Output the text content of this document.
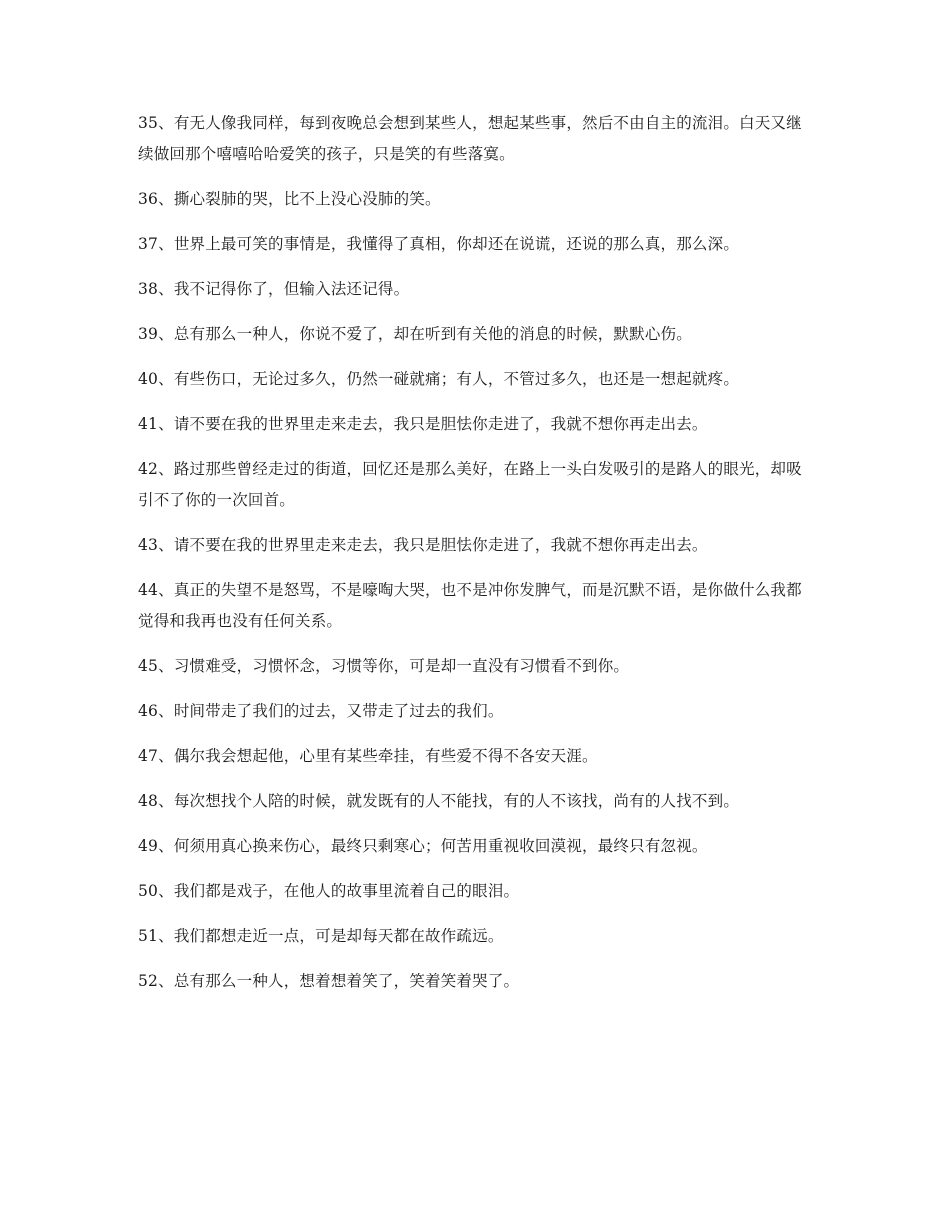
35、有无人像我同样，每到夜晚总会想到某些人，想起某些事，然后不由自主的流泪。白天又继续做回那个嘻嘻哈哈爱笑的孩子，只是笑的有些落寞。

36、撕心裂肺的哭，比不上没心没肺的笑。

37、世界上最可笑的事情是，我懂得了真相，你却还在说谎，还说的那么真，那么深。

38、我不记得你了，但输入法还记得。

39、总有那么一种人，你说不爱了，却在听到有关他的消息的时候，默默心伤。

40、有些伤口，无论过多久，仍然一碰就痛；有人，不管过多久，也还是一想起就疼。

41、请不要在我的世界里走来走去，我只是胆怯你走进了，我就不想你再走出去。

42、路过那些曾经走过的街道，回忆还是那么美好，在路上一头白发吸引的是路人的眼光，却吸引不了你的一次回首。

43、请不要在我的世界里走来走去，我只是胆怯你走进了，我就不想你再走出去。

44、真正的失望不是怒骂，不是嚎啕大哭，也不是冲你发脾气，而是沉默不语，是你做什么我都觉得和我再也没有任何关系。

45、习惯难受，习惯怀念，习惯等你，可是却一直没有习惯看不到你。

46、时间带走了我们的过去，又带走了过去的我们。

47、偶尔我会想起他，心里有某些牵挂，有些爱不得不各安天涯。

48、每次想找个人陪的时候，就发既有的人不能找，有的人不该找，尚有的人找不到。

49、何须用真心换来伤心，最终只剩寒心；何苦用重视收回漠视，最终只有忽视。

50、我们都是戏子，在他人的故事里流着自己的眼泪。

51、我们都想走近一点，可是却每天都在故作疏远。

52、总有那么一种人，想着想着笑了，笑着笑着哭了。
